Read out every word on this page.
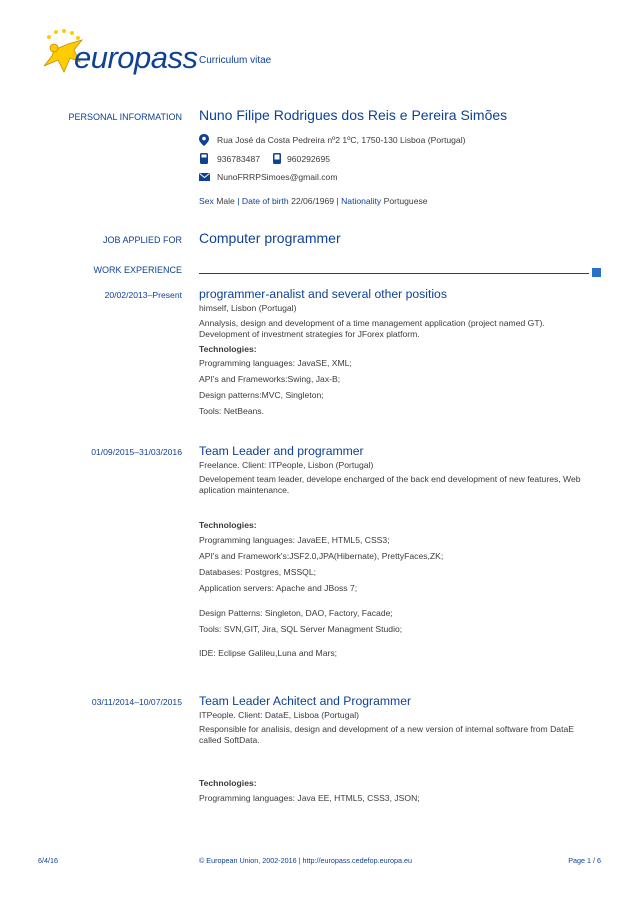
europass Curriculum vitae
PERSONAL INFORMATION Nuno Filipe Rodrigues dos Reis e Pereira Simões
Rua José da Costa Pedreira nº2 1ºC, 1750-130 Lisboa (Portugal)
936783487	960292695
NunoFRRPSimoes@gmail.com
Sex Male | Date of birth 22/06/1969 | Nationality Portuguese
JOB APPLIED FOR Computer programmer
WORK EXPERIENCE
20/02/2013–Present programmer-analist and several other positios
himself, Lisbon (Portugal)
Annalysis, design and development of a time management application (project named GT). Development of investment strategies for JForex platform.
Technologies:
Programming languages: JavaSE, XML;
API's and Frameworks:Swing, Jax-B;
Design patterns:MVC, Singleton;
Tools: NetBeans.
01/09/2015–31/03/2016 Team Leader and programmer
Freelance. Client: ITPeople, Lisbon (Portugal)
Developement team leader, develope encharged of the back end development of new features, Web aplication maintenance.
Technologies:
Programming languages: JavaEE, HTML5, CSS3;
API's and Framework's:JSF2.0,JPA(Hibernate), PrettyFaces,ZK;
Databases: Postgres, MSSQL;
Application servers: Apache and JBoss 7;
Design Patterns: Singleton, DAO, Factory, Facade;
Tools: SVN,GIT, Jira, SQL Server Managment Studio;
IDE: Eclipse Galileu,Luna and Mars;
03/11/2014–10/07/2015 Team Leader Achitect and Programmer
ITPeople. Client: DataE, Lisboa (Portugal)
Responsible for analisis, design and development of a new version of internal software from DataE called SoftData.
Technologies:
Programming languages: Java EE, HTML5, CSS3, JSON;
6/4/16	© European Union, 2002-2016 | http://europass.cedefop.europa.eu	Page 1 / 6
